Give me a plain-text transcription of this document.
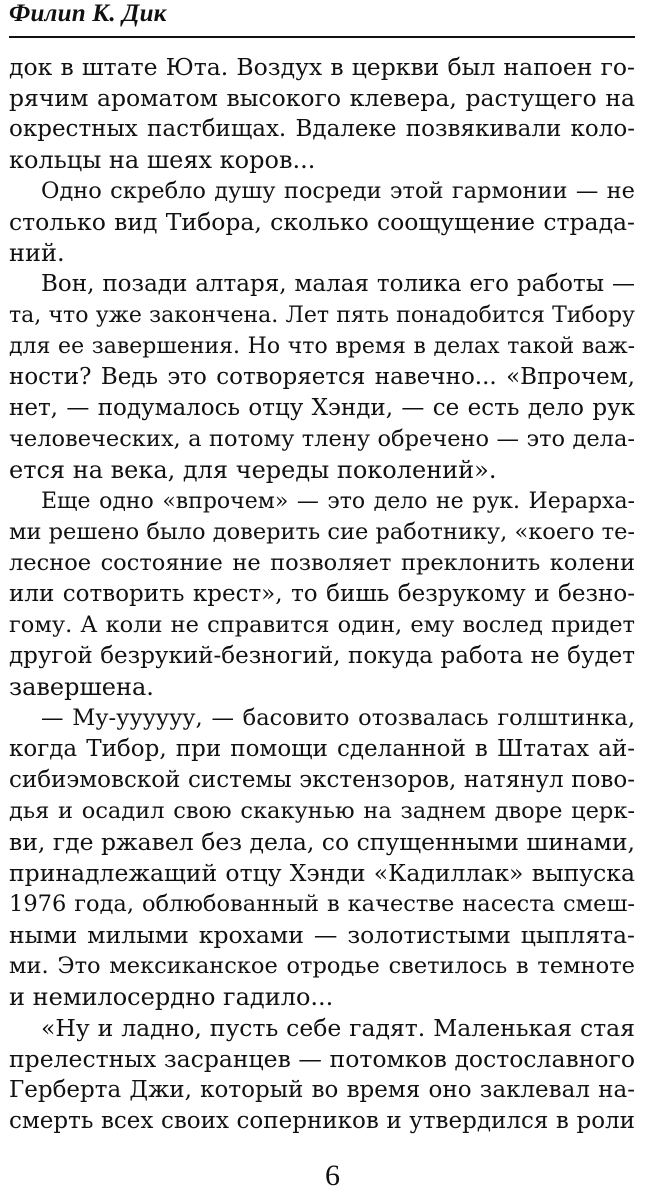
Филип К. Дик
док в штате Юта. Воздух в церкви был напоен го-
рячим ароматом высокого клевера, растущего на
окрестных пастбищах. Вдалеке позвякивали коло-
кольцы на шеях коров...
Одно скребло душу посреди этой гармонии — не
столько вид Тибора, сколько соощущение страда-
ний.
Вон, позади алтаря, малая толика его работы —
та, что уже закончена. Лет пять понадобится Тибору
для ее завершения. Но что время в делах такой важ-
ности? Ведь это сотворяется навечно... «Впрочем,
нет, — подумалось отцу Хэнди, — се есть дело рук
человеческих, а потому тлену обречено — это дела-
ется на века, для череды поколений».
Еще одно «впрочем» — это дело не рук. Иерархa-
ми решено было доверить сие работнику, «коего те-
лесное состояние не позволяет преклонить колени
или сотворить крест», то бишь безрукому и безно-
гому. А коли не справится один, ему вослед придет
другой безрукий-безногий, покуда работа не будет
завершена.
— Му-уууууу, — басовито отозвалась голштинка,
когда Тибор, при помощи сделанной в Штатах ай-
сибиэмовской системы экстензоров, натянул пово-
дья и осадил свою скакунью на заднем дворе церк-
ви, где ржавел без дела, со спущенными шинами,
принадлежащий отцу Хэнди «Кадиллак» выпуска
1976 года, облюбованный в качестве насеста смеш-
ными милыми крохами — золотистыми цыплята-
ми. Это мексиканское отродье светилось в темноте
и немилосердно гадило...
«Ну и ладно, пусть себе гадят. Маленькая стая
прелестных засранцев — потомков достославного
Герберта Джи, который во время оно заклевал на-
смерть всех своих соперников и утвердился в роли
6
